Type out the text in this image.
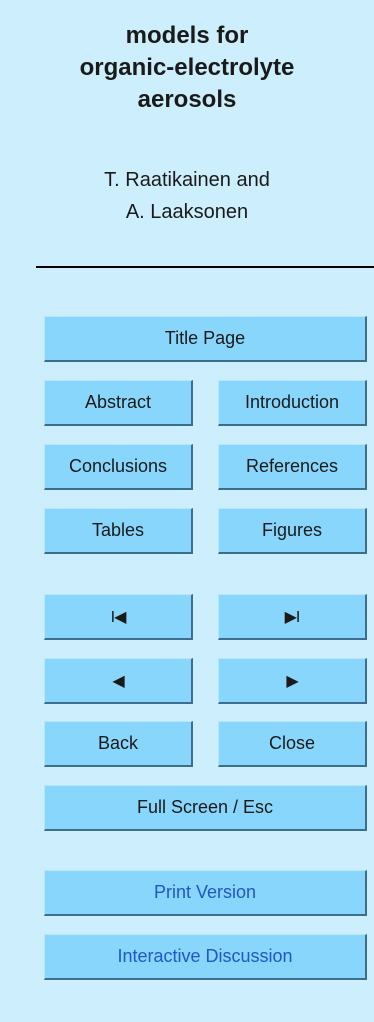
models for
organic-electrolyte
aerosols
T. Raatikainen and
A. Laaksonen
Title Page
Abstract	Introduction
Conclusions	References
Tables	Figures
I◀	▶I
◀	▶
Back	Close
Full Screen / Esc
Print Version
Interactive Discussion
